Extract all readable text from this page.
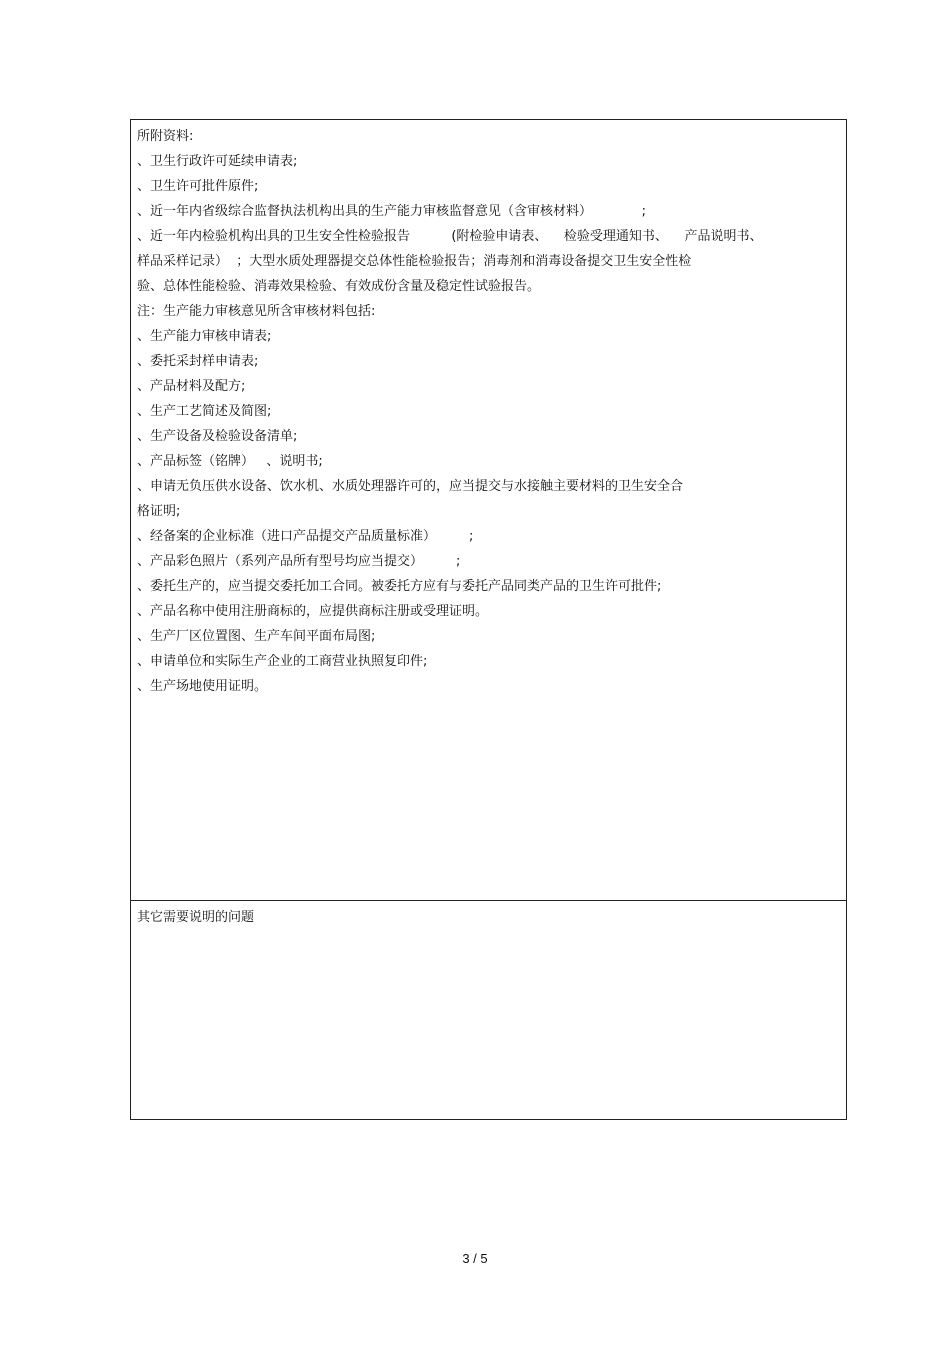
所附资料:

、卫生行政许可延续申请表;

、卫生许可批件原件;

、近一年内省级综合监督执法机构出具的生产能力审核监督意见（含审核材料）            ;

、近一年内检验机构出具的卫生安全性检验报告          (附检验申请表、    检验受理通知书、    产品说明书、

样品采样记录）  ；大型水质处理器提交总体性能检验报告；消毒剂和消毒设备提交卫生安全性检

验、总体性能检验、消毒效果检验、有效成份含量及稳定性试验报告。

注：生产能力审核意见所含审核材料包括:

、生产能力审核申请表;

、委托采封样申请表;

、产品材料及配方;

、生产工艺简述及简图;

、生产设备及检验设备清单;

、产品标签（铭牌）   、说明书;

、申请无负压供水设备、饮水机、水质处理器许可的，应当提交与水接触主要材料的卫生安全合

格证明;

、经备案的企业标准（进口产品提交产品质量标准）        ;

、产品彩色照片（系列产品所有型号均应当提交）        ;

、委托生产的，应当提交委托加工合同。被委托方应有与委托产品同类产品的卫生许可批件;

、产品名称中使用注册商标的，应提供商标注册或受理证明。

、生产厂区位置图、生产车间平面布局图;

、申请单位和实际生产企业的工商营业执照复印件;

、生产场地使用证明。

其它需要说明的问题

3 / 5
